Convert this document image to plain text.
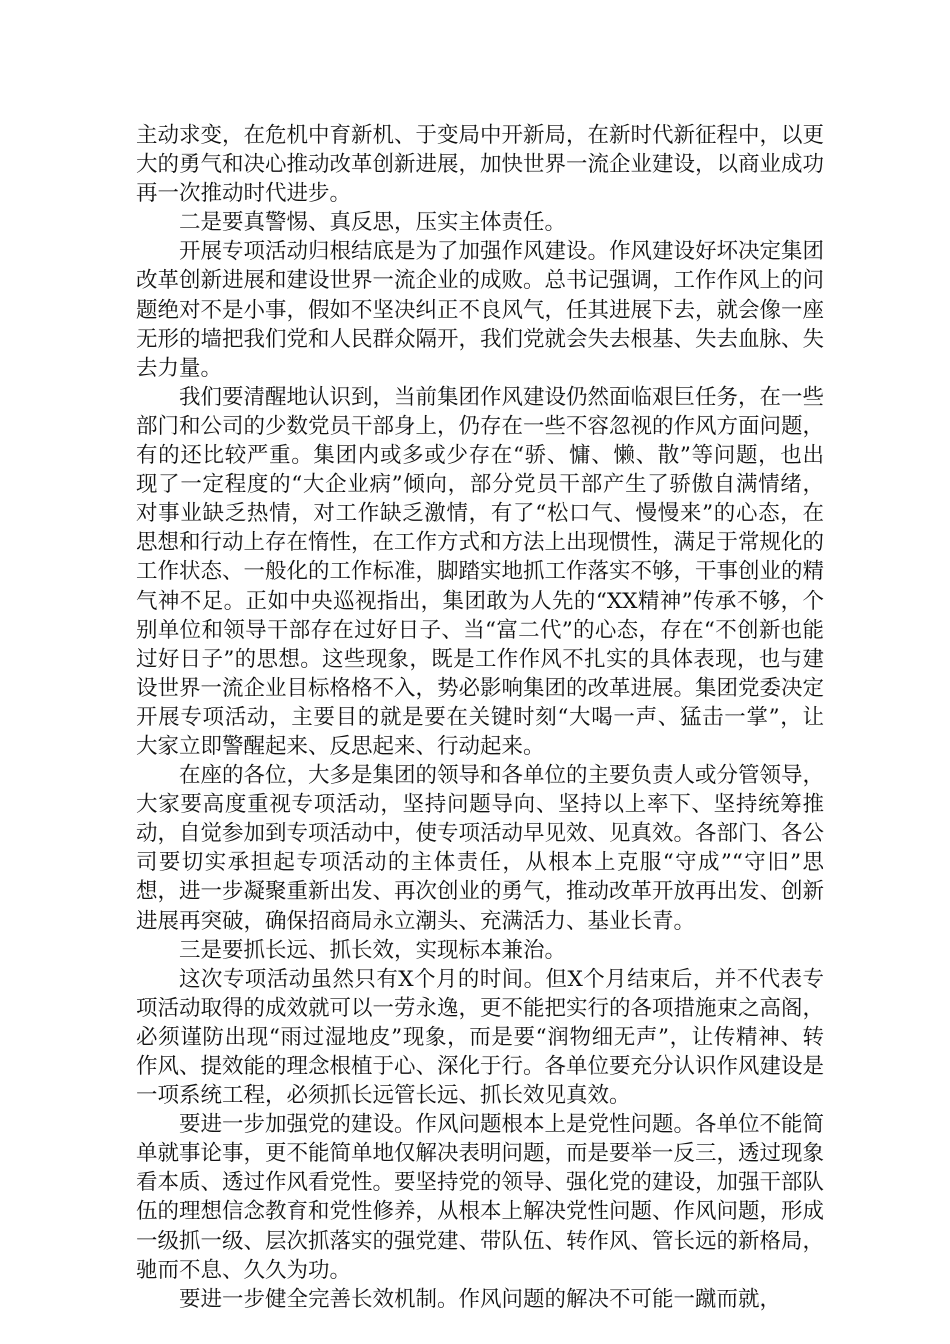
主动求变，在危机中育新机、于变局中开新局，在新时代新征程中，以更大的勇气和决心推动改革创新进展，加快世界一流企业建设，以商业成功再一次推动时代进步。

二是要真警惕、真反思，压实主体责任。

开展专项活动归根结底是为了加强作风建设。作风建设好坏决定集团改革创新进展和建设世界一流企业的成败。总书记强调，工作作风上的问题绝对不是小事，假如不坚决纠正不良风气，任其进展下去，就会像一座无形的墙把我们党和人民群众隔开，我们党就会失去根基、失去血脉、失去力量。

我们要清醒地认识到，当前集团作风建设仍然面临艰巨任务，在一些部门和公司的少数党员干部身上，仍存在一些不容忽视的作风方面问题，有的还比较严重。集团内或多或少存在“骄、慵、懒、散”等问题，也出现了一定程度的“大企业病”倾向，部分党员干部产生了骄傲自满情绪，对事业缺乏热情，对工作缺乏激情，有了“松口气、慢慢来”的心态，在思想和行动上存在惰性，在工作方式和方法上出现惯性，满足于常规化的工作状态、一般化的工作标准，脚踏实地抓工作落实不够，干事创业的精气神不足。正如中央巡视指出，集团敢为人先的“XX精神”传承不够，个别单位和领导干部存在过好日子、当“富二代”的心态，存在“不创新也能过好日子”的思想。这些现象，既是工作作风不扎实的具体表现，也与建设世界一流企业目标格格不入，势必影响集团的改革进展。集团党委决定开展专项活动，主要目的就是要在关键时刻“大喝一声、猛击一掌”，让大家立即警醒起来、反思起来、行动起来。

在座的各位，大多是集团的领导和各单位的主要负责人或分管领导，大家要高度重视专项活动，坚持问题导向、坚持以上率下、坚持统筹推动，自觉参加到专项活动中，使专项活动早见效、见真效。各部门、各公司要切实承担起专项活动的主体责任，从根本上克服“守成”“守旧”思想，进一步凝聚重新出发、再次创业的勇气，推动改革开放再出发、创新进展再突破，确保招商局永立潮头、充满活力、基业长青。

三是要抓长远、抓长效，实现标本兼治。

这次专项活动虽然只有X个月的时间。但X个月结束后，并不代表专项活动取得的成效就可以一劳永逸，更不能把实行的各项措施束之高阁，必须谨防出现“雨过湿地皮”现象，而是要“润物细无声”，让传精神、转作风、提效能的理念根植于心、深化于行。各单位要充分认识作风建设是一项系统工程，必须抓长远管长远、抓长效见真效。

要进一步加强党的建设。作风问题根本上是党性问题。各单位不能简单就事论事，更不能简单地仅解决表明问题，而是要举一反三，透过现象看本质、透过作风看党性。要坚持党的领导、强化党的建设，加强干部队伍的理想信念教育和党性修养，从根本上解决党性问题、作风问题，形成一级抓一级、层次抓落实的强党建、带队伍、转作风、管长远的新格局，驰而不息、久久为功。

要进一步健全完善长效机制。作风问题的解决不可能一蹴而就，
